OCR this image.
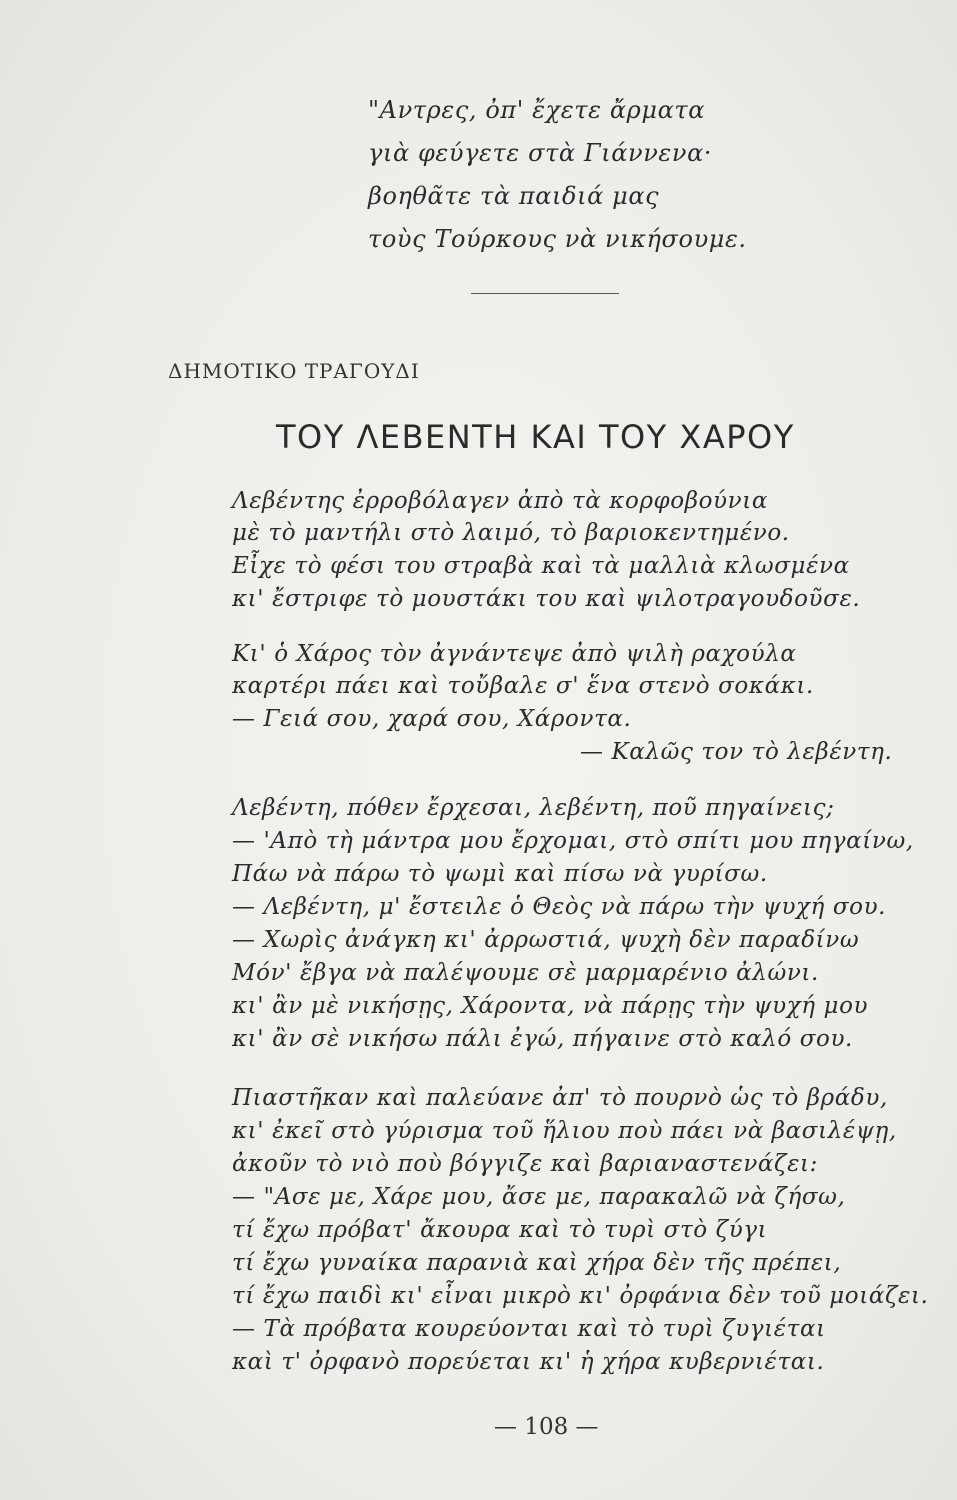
"Αντρες, ὀπ' ἔχετε ἄρματα
γιὰ φεύγετε στὰ Γιάννενα·
βοηθᾶτε τὰ παιδιά μας
τοὺς Τούρκους νὰ νικήσουμε.
ΔΗΜΟΤΙΚΟ ΤΡΑΓΟΥΔΙ
ΤΟΥ ΛΕΒΕΝΤΗ ΚΑΙ ΤΟΥ ΧΑΡΟΥ
Λεβέντης ἐρροβόλαγεν ἀπὸ τὰ κορφοβούνια
μὲ τὸ μαντήλι στὸ λαιμό, τὸ βαριοκεντημένο.
Εἶχε τὸ φέσι του στραβὰ καὶ τὰ μαλλιὰ κλωσμένα
κι' ἔστριφε τὸ μουστάκι του καὶ ψιλοτραγουδοῦσε.
Κι' ὁ Χάρος τὸν ἀγνάντεψε ἀπὸ ψιλὴ ραχούλα
καρτέρι πάει καὶ τοὔβαλε σ' ἕνα στενὸ σοκάκι.
— Γειά σου, χαρά σου, Χάροντα.
— Καλῶς τον τὸ λεβέντη.
Λεβέντη, πόθεν ἔρχεσαι, λεβέντη, ποῦ πηγαίνεις;
— 'Απὸ τὴ μάντρα μου ἔρχομαι, στὸ σπίτι μου πηγαίνω,
Πάω νὰ πάρω τὸ ψωμὶ καὶ πίσω νὰ γυρίσω.
— Λεβέντη, μ' ἔστειλε ὁ Θεὸς νὰ πάρω τὴν ψυχή σου.
— Χωρὶς ἀνάγκη κι' ἀρρωστιά, ψυχὴ δὲν παραδίνω
Μόν' ἔβγα νὰ παλέψουμε σὲ μαρμαρένιο ἀλώνι.
κι' ἂν μὲ νικήσῃς, Χάροντα, νὰ πάρῃς τὴν ψυχή μου
κι' ἂν σὲ νικήσω πάλι ἐγώ, πήγαινε στὸ καλό σου.
Πιαστῆκαν καὶ παλεύανε ἀπ' τὸ πουρνὸ ὡς τὸ βράδυ,
κι' ἐκεῖ στὸ γύρισμα τοῦ ἥλιου ποὺ πάει νὰ βασιλέψῃ,
ἀκοῦν τὸ νιὸ ποὺ βόγγιζε καὶ βαριαναστενάζει:
— "Ασε με, Χάρε μου, ἄσε με, παρακαλῶ νὰ ζήσω,
τί ἔχω πρόβατ' ἄκουρα καὶ τὸ τυρὶ στὸ ζύγι
τί ἔχω γυναίκα παρανιὰ καὶ χήρα δὲν τῆς πρέπει,
τί ἔχω παιδὶ κι' εἶναι μικρὸ κι' ὀρφάνια δὲν τοῦ μοιάζει.
— Τὰ πρόβατα κουρεύονται καὶ τὸ τυρὶ ζυγιέται
καὶ τ' ὀρφανὸ πορεύεται κι' ἡ χήρα κυβερνιέται.
— 108 —
